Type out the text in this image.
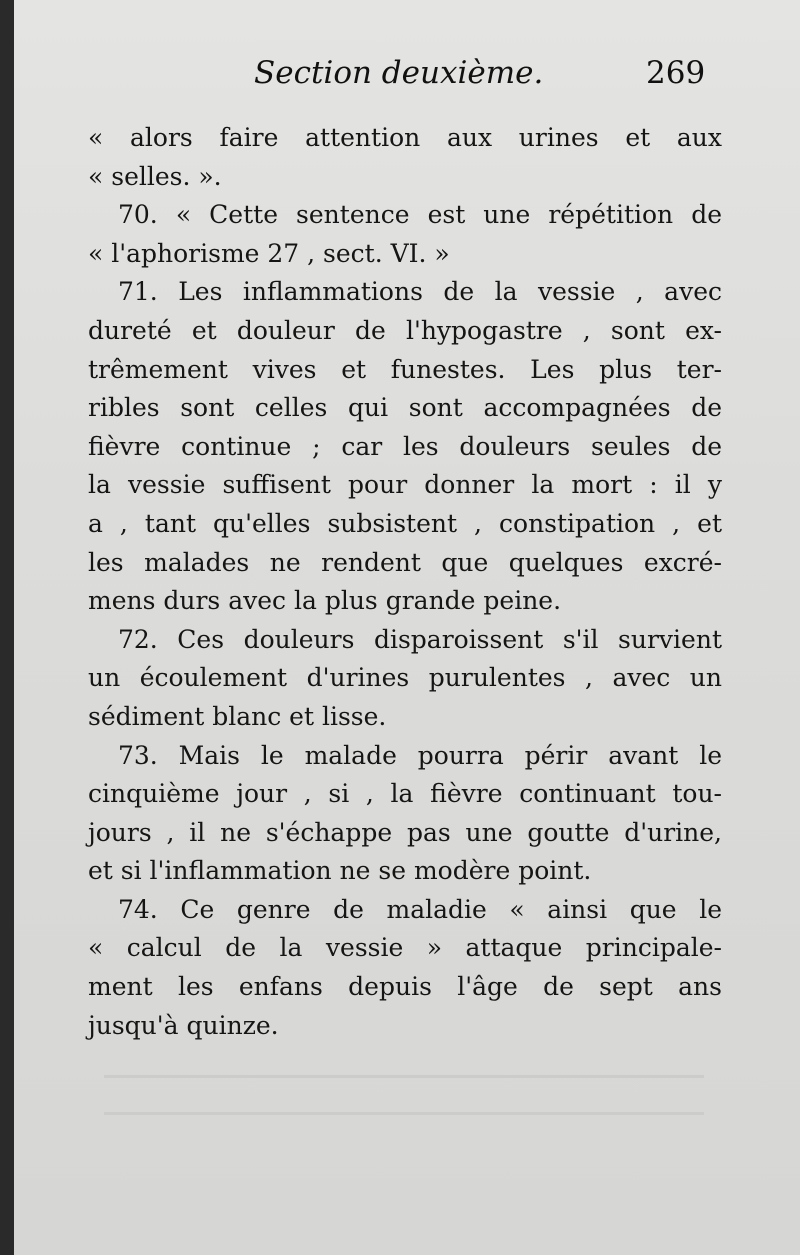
Section deuxième.	269
« alors faire attention aux urines et aux
« selles. ».
70. « Cette sentence est une répétition de
« l'aphorisme 27 , sect. VI. »
71. Les inflammations de la vessie , avec
dureté et douleur de l'hypogastre , sont ex-
trêmement vives et funestes. Les plus ter-
ribles sont celles qui sont accompagnées de
fièvre continue ; car les douleurs seules de
la vessie suffisent pour donner la mort : il y
a , tant qu'elles subsistent , constipation , et
les malades ne rendent que quelques excré-
mens durs avec la plus grande peine.
72. Ces douleurs disparoissent s'il survient
un écoulement d'urines purulentes , avec un
sédiment blanc et lisse.
73. Mais le malade pourra périr avant le
cinquième jour , si , la fièvre continuant tou-
jours , il ne s'échappe pas une goutte d'urine,
et si l'inflammation ne se modère point.
74. Ce genre de maladie « ainsi que le
« calcul de la vessie » attaque principale-
ment les enfans depuis l'âge de sept ans
jusqu'à quinze.
